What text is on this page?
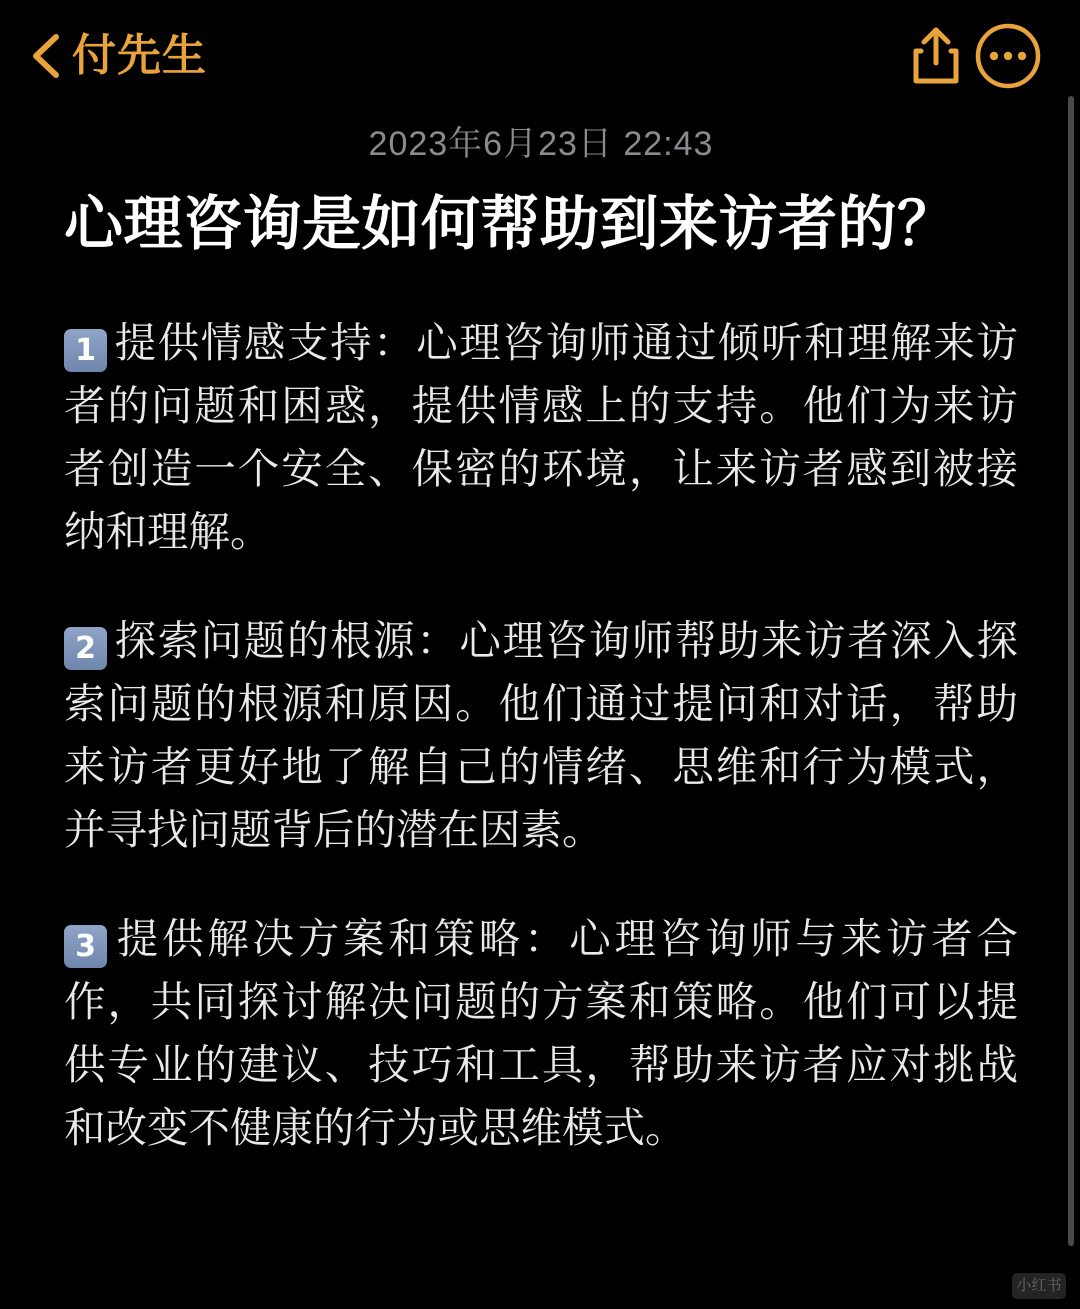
付先生
2023年6月23日 22:43
心理咨询是如何帮助到来访者的？

1 提供情感支持：心理咨询师通过倾听和理解来访者的问题和困惑，提供情感上的支持。他们为来访者创造一个安全、保密的环境，让来访者感到被接纳和理解。

2 探索问题的根源：心理咨询师帮助来访者深入探索问题的根源和原因。他们通过提问和对话，帮助来访者更好地了解自己的情绪、思维和行为模式，并寻找问题背后的潜在因素。

3 提供解决方案和策略：心理咨询师与来访者合作，共同探讨解决问题的方案和策略。他们可以提供专业的建议、技巧和工具，帮助来访者应对挑战和改变不健康的行为或思维模式。

小红书
